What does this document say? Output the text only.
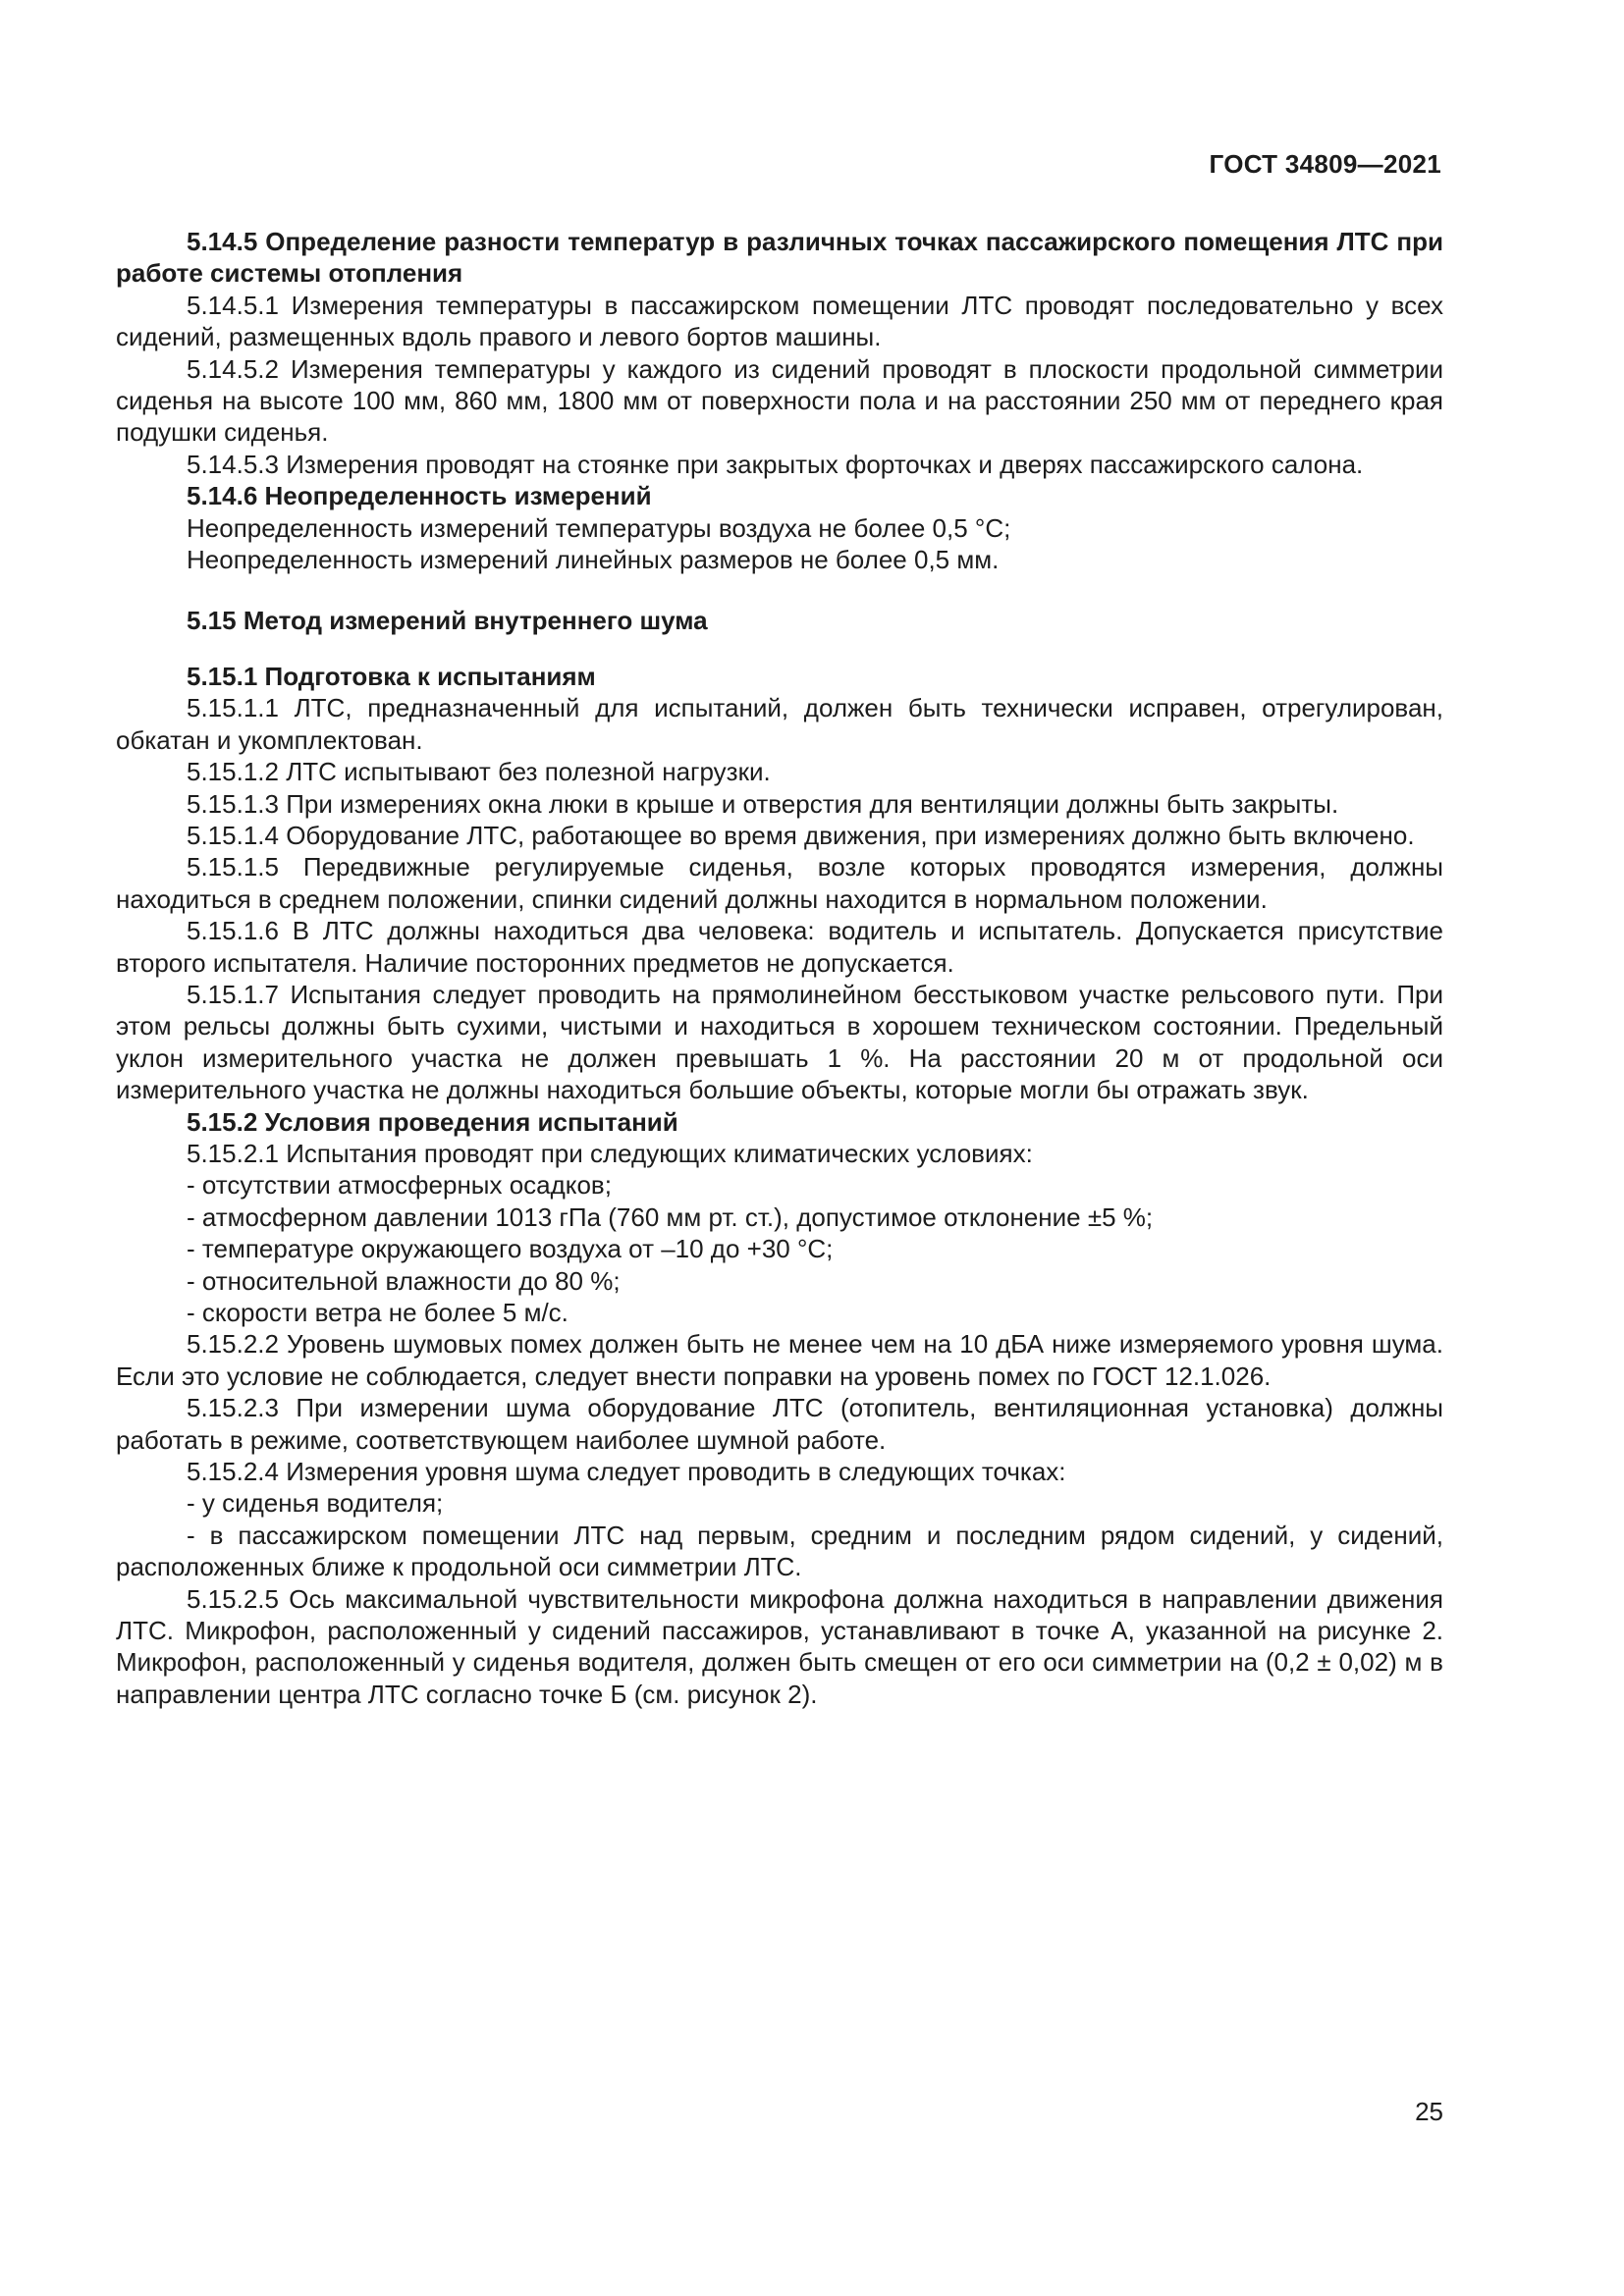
ГОСТ 34809—2021

5.14.5 Определение разности температур в различных точках пассажирского помещения ЛТС при работе системы отопления

5.14.5.1 Измерения температуры в пассажирском помещении ЛТС проводят последовательно у всех сидений, размещенных вдоль правого и левого бортов машины.

5.14.5.2 Измерения температуры у каждого из сидений проводят в плоскости продольной симметрии сиденья на высоте 100 мм, 860 мм, 1800 мм от поверхности пола и на расстоянии 250 мм от переднего края подушки сиденья.

5.14.5.3 Измерения проводят на стоянке при закрытых форточках и дверях пассажирского салона.

5.14.6 Неопределенность измерений

Неопределенность измерений температуры воздуха не более 0,5 °C;

Неопределенность измерений линейных размеров не более 0,5 мм.

5.15 Метод измерений внутреннего шума

5.15.1 Подготовка к испытаниям

5.15.1.1 ЛТС, предназначенный для испытаний, должен быть технически исправен, отрегулирован, обкатан и укомплектован.

5.15.1.2 ЛТС испытывают без полезной нагрузки.

5.15.1.3 При измерениях окна люки в крыше и отверстия для вентиляции должны быть закрыты.

5.15.1.4 Оборудование ЛТС, работающее во время движения, при измерениях должно быть включено.

5.15.1.5 Передвижные регулируемые сиденья, возле которых проводятся измерения, должны находиться в среднем положении, спинки сидений должны находится в нормальном положении.

5.15.1.6 В ЛТС должны находиться два человека: водитель и испытатель. Допускается присутствие второго испытателя. Наличие посторонних предметов не допускается.

5.15.1.7 Испытания следует проводить на прямолинейном бесстыковом участке рельсового пути. При этом рельсы должны быть сухими, чистыми и находиться в хорошем техническом состоянии. Предельный уклон измерительного участка не должен превышать 1 %. На расстоянии 20 м от продольной оси измерительного участка не должны находиться большие объекты, которые могли бы отражать звук.

5.15.2 Условия проведения испытаний

5.15.2.1 Испытания проводят при следующих климатических условиях:

- отсутствии атмосферных осадков;

- атмосферном давлении 1013 гПа (760 мм рт. ст.), допустимое отклонение ±5 %;

- температуре окружающего воздуха от –10 до +30 °С;

- относительной влажности до 80 %;

- скорости ветра не более 5 м/с.

5.15.2.2 Уровень шумовых помех должен быть не менее чем на 10 дБА ниже измеряемого уровня шума. Если это условие не соблюдается, следует внести поправки на уровень помех по ГОСТ 12.1.026.

5.15.2.3 При измерении шума оборудование ЛТС (отопитель, вентиляционная установка) должны работать в режиме, соответствующем наиболее шумной работе.

5.15.2.4 Измерения уровня шума следует проводить в следующих точках:

- у сиденья водителя;

- в пассажирском помещении ЛТС над первым, средним и последним рядом сидений, у сидений, расположенных ближе к продольной оси симметрии ЛТС.

5.15.2.5 Ось максимальной чувствительности микрофона должна находиться в направлении движения ЛТС. Микрофон, расположенный у сидений пассажиров, устанавливают в точке А, указанной на рисунке 2. Микрофон, расположенный у сиденья водителя, должен быть смещен от его оси симметрии на (0,2 ± 0,02) м в направлении центра ЛТС согласно точке Б (см. рисунок 2).

25
